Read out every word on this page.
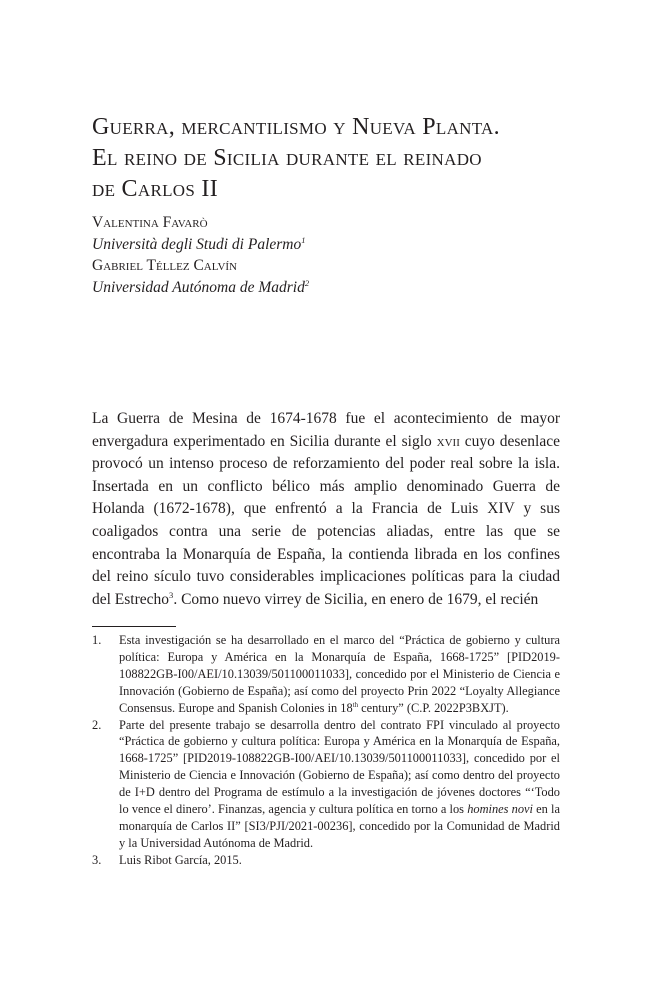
Guerra, mercantilismo y Nueva Planta.
El reino de Sicilia durante el reinado
de Carlos II
Valentina Favarò
Università degli Studi di Palermo$^1$
Gabriel Téllez Calvín
Universidad Autónoma de Madrid$^2$

La Guerra de Mesina de 1674-1678 fue el acontecimiento de mayor envergadura experimentado en Sicilia durante el siglo xvii cuyo desenlace provocó un intenso proceso de reforzamiento del poder real sobre la isla. Insertada en un conflicto bélico más amplio denominado Guerra de Holanda (1672-1678), que enfrentó a la Francia de Luis XIV y sus coaligados contra una serie de potencias aliadas, entre las que se encontraba la Monarquía de España, la contienda librada en los confines del reino sículo tuvo considerables implicaciones políticas para la ciudad del Estrecho$^3$. Como nuevo virrey de Sicilia, en enero de 1679, el recién

1. Esta investigación se ha desarrollado en el marco del “Práctica de gobierno y cultura política: Europa y América en la Monarquía de España, 1668-1725” [PID2019-108822GB-I00/AEI/10.13039/501100011033], concedido por el Ministerio de Ciencia e Innovación (Gobierno de España); así como del proyecto Prin 2022 “Loyalty Allegiance Consensus. Europe and Spanish Colonies in 18th century” (C.P. 2022P3BXJT).
2. Parte del presente trabajo se desarrolla dentro del contrato FPI vinculado al proyecto “Práctica de gobierno y cultura política: Europa y América en la Monarquía de España, 1668-1725” [PID2019-108822GB-I00/AEI/10.13039/501100011033], concedido por el Ministerio de Ciencia e Innovación (Gobierno de España); así como dentro del proyecto de I+D dentro del Programa de estímulo a la investigación de jóvenes doctores “‘Todo lo vence el dinero’. Finanzas, agencia y cultura política en torno a los homines novi en la monarquía de Carlos II” [SI3/PJI/2021-00236], concedido por la Comunidad de Madrid y la Universidad Autónoma de Madrid.
3. Luis Ribot García, 2015.
